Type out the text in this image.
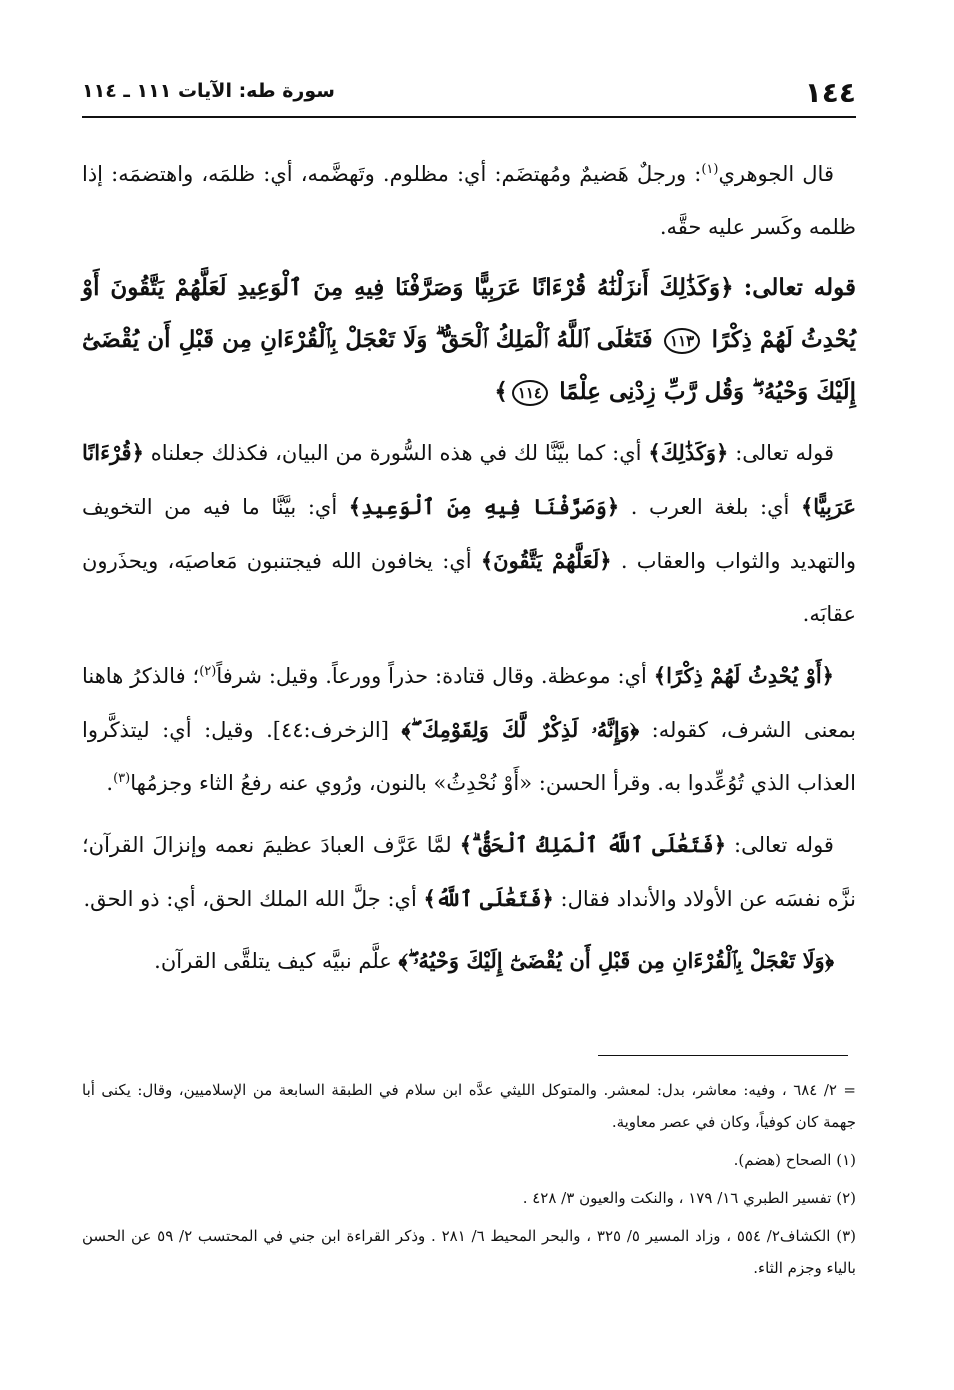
١٤٤
سورة طه: الآيات ١١١ ـ ١١٤

قال الجوهري$^{(١)}$: ورجلٌ هَضيمٌ ومُهتضَم: أي: مظلوم. وتَهضَّمه، أي: ظلمَه، واهتضمَه: إذا ظلمه وكَسر عليه حقَّه.

قوله تعالى: ﴿وَكَذَٰلِكَ أَنزَلْنَٰهُ قُرْءَانًا عَرَبِيًّا وَصَرَّفْنَا فِيهِ مِنَ ٱلْوَعِيدِ لَعَلَّهُمْ يَتَّقُونَ أَوْ يُحْدِثُ لَهُمْ ذِكْرًا ١١٣ فَتَعَٰلَى ٱللَّهُ ٱلْمَلِكُ ٱلْحَقُّ ۗ وَلَا تَعْجَلْ بِٱلْقُرْءَانِ مِن قَبْلِ أَن يُقْضَىٰٓ إِلَيْكَ وَحْيُهُۥ ۖ وَقُل رَّبِّ زِدْنِى عِلْمًا ١١٤﴾

قوله تعالى: ﴿وَكَذَٰلِكَ﴾ أي: كما بيَّنَّا لك في هذه السُّورة من البيان، فكذلك جعلناه ﴿قُرْءَانًا عَرَبِيًّا﴾ أي: بلغة العرب . ﴿وَصَرَّفْنَا فِيهِ مِنَ ٱلْوَعِيدِ﴾ أي: بيَّنَّا ما فيه من التخويف والتهديد والثواب والعقاب . ﴿لَعَلَّهُمْ يَتَّقُونَ﴾ أي: يخافون الله فيجتنبون مَعاصيَه، ويحذَرون عقابَه.

﴿أَوْ يُحْدِثُ لَهُمْ ذِكْرًا﴾ أي: موعظة. وقال قتادة: حذراً وورعاً. وقيل: شرفاً$^{(٢)}$؛ فالذكرُ هاهنا بمعنى الشرف، كقوله: ﴿وَإِنَّهُۥ لَذِكْرٌ لَّكَ وَلِقَوْمِكَ ۖ﴾ [الزخرف:٤٤]. وقيل: أي: ليتذكَّروا العذاب الذي تُوُعِّدوا به. وقرأ الحسن: «أَوْ نُحْدِثُ» بالنون، ورُوي عنه رفعُ الثاء وجزمُها$^{(٣)}$.

قوله تعالى: ﴿فَتَعَٰلَى ٱللَّهُ ٱلْمَلِكُ ٱلْحَقُّ ۗ﴾ لمَّا عَرَّف العبادَ عظيمَ نعمه وإنزالَ القرآن؛ نزَّه نفسَه عن الأولاد والأنداد فقال: ﴿فَتَعَٰلَى ٱللَّهُ﴾ أي: جلَّ الله الملك الحق، أي: ذو الحق.

﴿وَلَا تَعْجَلْ بِٱلْقُرْءَانِ مِن قَبْلِ أَن يُقْضَىٰٓ إِلَيْكَ وَحْيُهُۥ ۖ﴾ علَّم نبيَّه كيف يتلقَّى القرآن.

= ٢/ ٦٨٤ ، وفيه: معاشر، بدل: لمعشر. والمتوكل الليثي عدَّه ابن سلام في الطبقة السابعة من الإسلاميين، وقال: يكنى أبا جهمة كان كوفياً، وكان في عصر معاوية.

(١) الصحاح (هضم).

(٢) تفسير الطبري ١٦/ ١٧٩ ، والنكت والعيون ٣/ ٤٢٨ .

(٣) الكشاف٢/ ٥٥٤ ، وزاد المسير ٥/ ٣٢٥ ، والبحر المحيط ٦/ ٢٨١ . وذكر القراءة ابن جني في المحتسب ٢/ ٥٩ عن الحسن بالياء وجزم الثاء.
